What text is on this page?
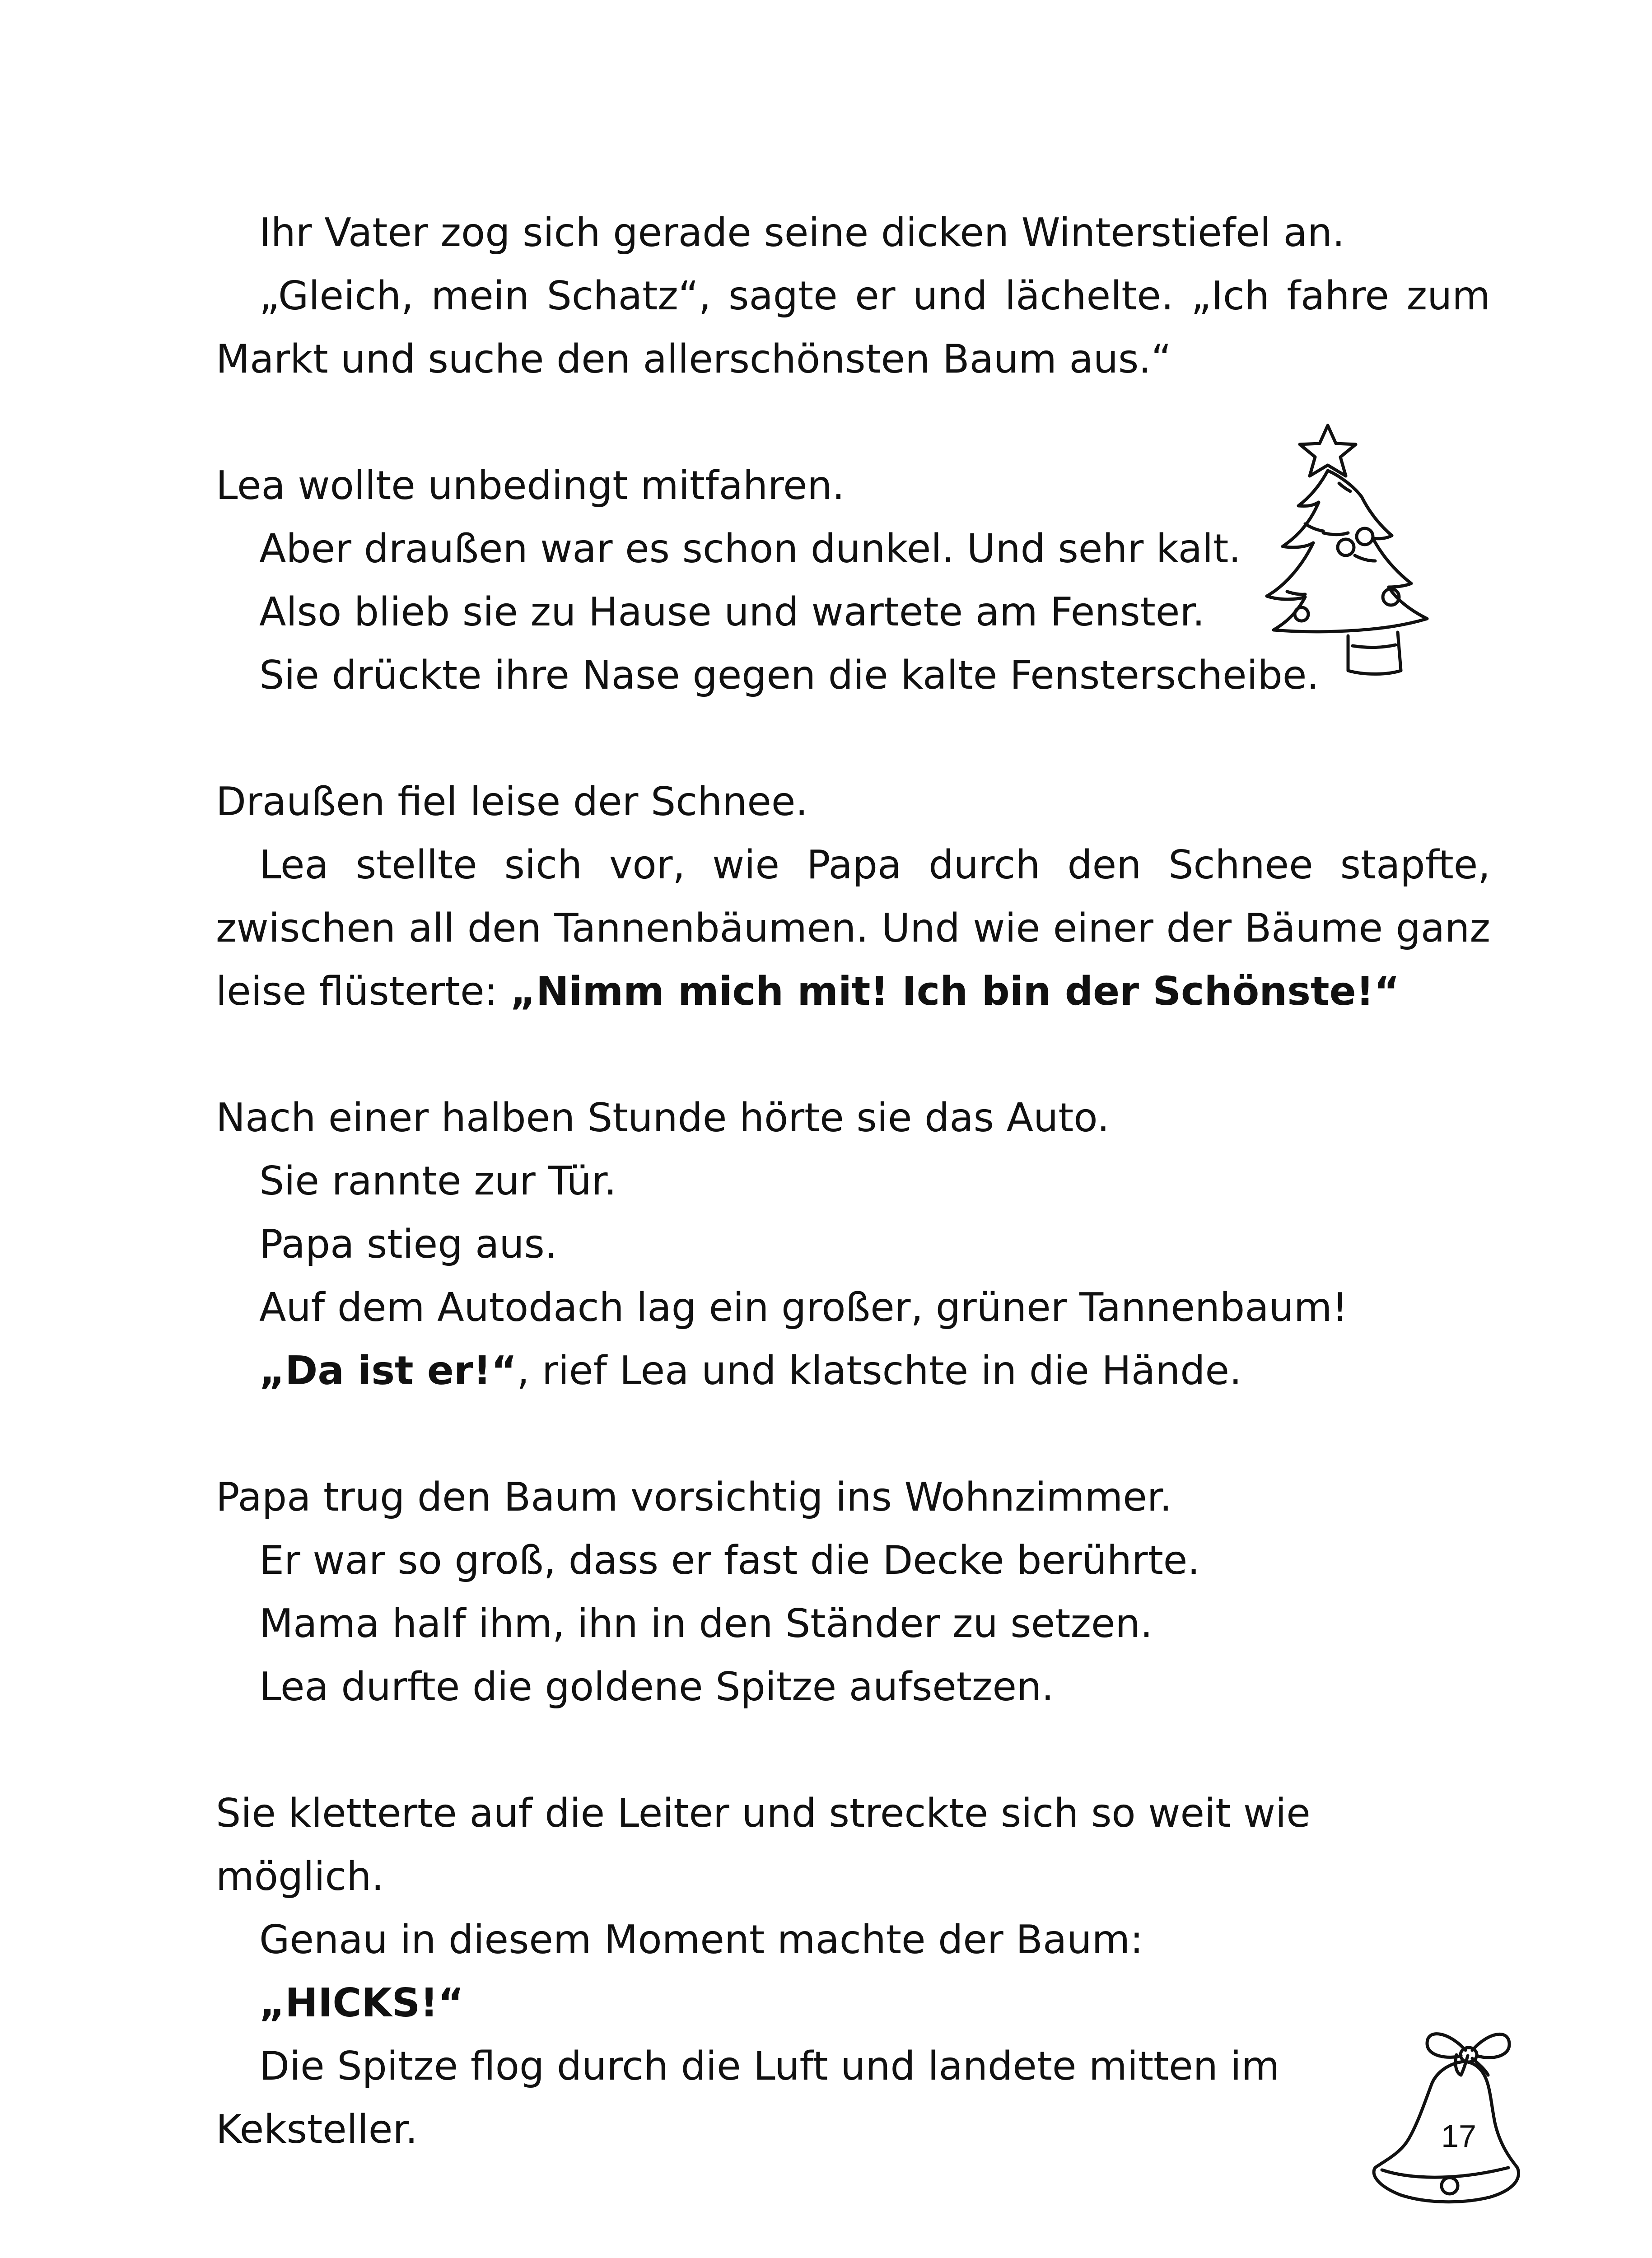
Ihr Vater zog sich gerade seine dicken Winterstiefel an.

„Gleich, mein Schatz“, sagte er und lächelte. „Ich fahre zum Markt und suche den allerschönsten Baum aus.“

Lea wollte unbedingt mitfahren.

Aber draußen war es schon dunkel. Und sehr kalt.

Also blieb sie zu Hause und wartete am Fenster.

Sie drückte ihre Nase gegen die kalte Fensterscheibe.

Draußen fiel leise der Schnee.

Lea stellte sich vor, wie Papa durch den Schnee stapfte, zwischen all den Tannenbäumen. Und wie einer der Bäume ganz leise flüsterte: „Nimm mich mit! Ich bin der Schönste!“

Nach einer halben Stunde hörte sie das Auto.

Sie rannte zur Tür.

Papa stieg aus.

Auf dem Autodach lag ein großer, grüner Tannenbaum!

„Da ist er!“, rief Lea und klatschte in die Hände.

Papa trug den Baum vorsichtig ins Wohnzimmer.

Er war so groß, dass er fast die Decke berührte.

Mama half ihm, ihn in den Ständer zu setzen.

Lea durfte die goldene Spitze aufsetzen.

Sie kletterte auf die Leiter und streckte sich so weit wie möglich.

Genau in diesem Moment machte der Baum:

„HICKS!“

Die Spitze flog durch die Luft und landete mitten im Keksteller.	17
